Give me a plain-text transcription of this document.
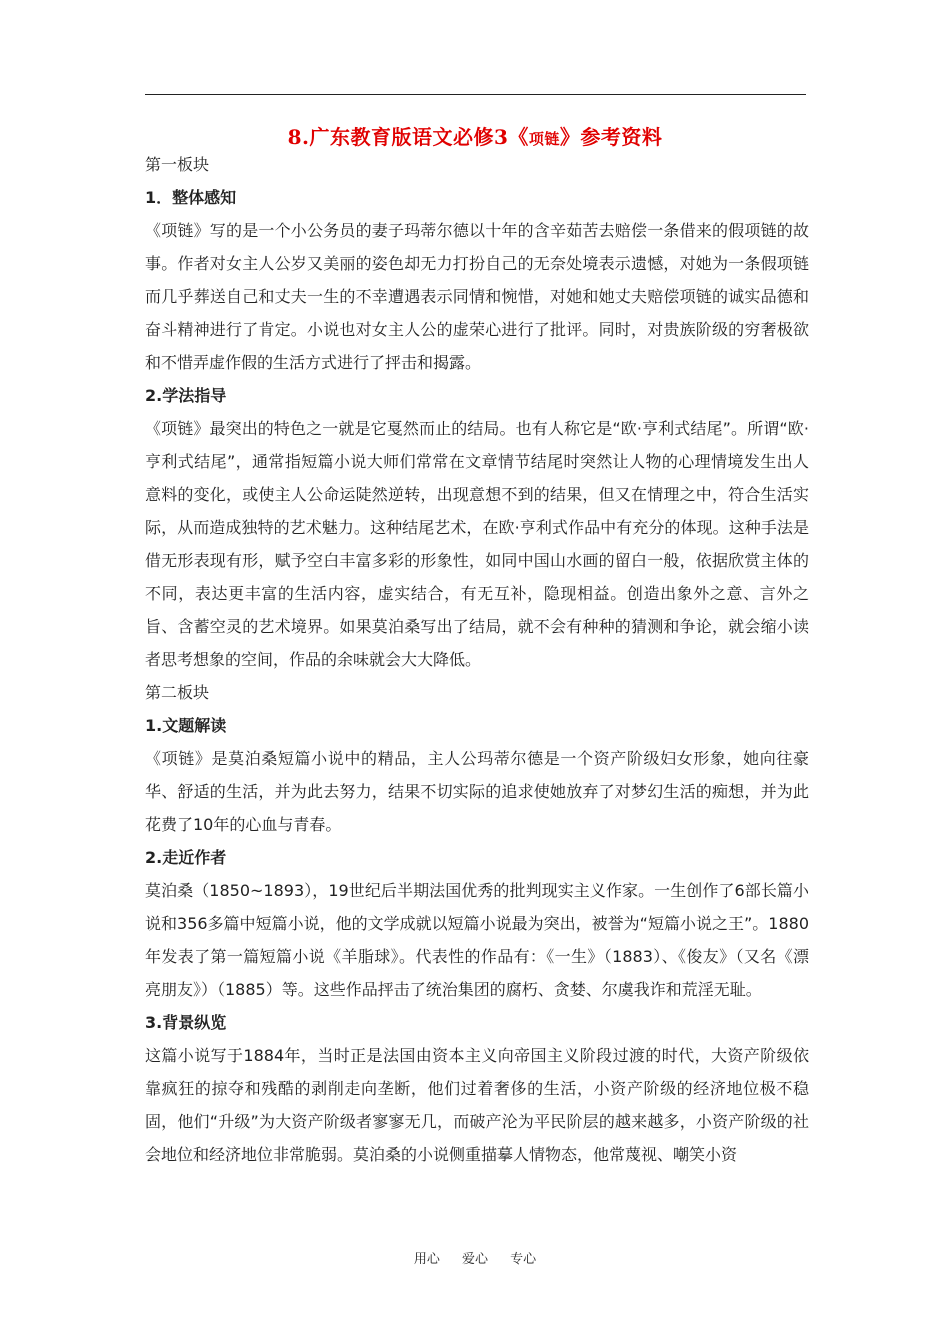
8.广东教育版语文必修3《项链》参考资料

第一板块

1．整体感知

《项链》写的是一个小公务员的妻子玛蒂尔德以十年的含辛茹苦去赔偿一条借来的假项链的故事。作者对女主人公岁又美丽的姿色却无力打扮自己的无奈处境表示遗憾，对她为一条假项链而几乎葬送自己和丈夫一生的不幸遭遇表示同情和惋惜，对她和她丈夫赔偿项链的诚实品德和奋斗精神进行了肯定。小说也对女主人公的虚荣心进行了批评。同时，对贵族阶级的穷奢极欲和不惜弄虚作假的生活方式进行了抨击和揭露。

2.学法指导

《项链》最突出的特色之一就是它戛然而止的结局。也有人称它是“欧·亨利式结尾”。所谓“欧·亨利式结尾”，通常指短篇小说大师们常常在文章情节结尾时突然让人物的心理情境发生出人意料的变化，或使主人公命运陡然逆转，出现意想不到的结果，但又在情理之中，符合生活实际，从而造成独特的艺术魅力。这种结尾艺术，在欧·亨利式作品中有充分的体现。这种手法是借无形表现有形，赋予空白丰富多彩的形象性，如同中国山水画的留白一般，依据欣赏主体的不同，表达更丰富的生活内容，虚实结合，有无互补，隐现相益。创造出象外之意、言外之旨、含蓄空灵的艺术境界。如果莫泊桑写出了结局，就不会有种种的猜测和争论，就会缩小读者思考想象的空间，作品的余味就会大大降低。

第二板块

1.文题解读

《项链》是莫泊桑短篇小说中的精品，主人公玛蒂尔德是一个资产阶级妇女形象，她向往豪华、舒适的生活，并为此去努力，结果不切实际的追求使她放弃了对梦幻生活的痴想，并为此花费了10年的心血与青春。

2.走近作者

莫泊桑（1850~1893），19世纪后半期法国优秀的批判现实主义作家。一生创作了6部长篇小说和356多篇中短篇小说，他的文学成就以短篇小说最为突出，被誉为“短篇小说之王”。1880年发表了第一篇短篇小说《羊脂球》。代表性的作品有：《一生》（1883）、《俊友》（又名《漂亮朋友》）（1885）等。这些作品抨击了统治集团的腐朽、贪婪、尔虞我诈和荒淫无耻。

3.背景纵览

这篇小说写于1884年，当时正是法国由资本主义向帝国主义阶段过渡的时代，大资产阶级依靠疯狂的掠夺和残酷的剥削走向垄断，他们过着奢侈的生活，小资产阶级的经济地位极不稳固，他们“升级”为大资产阶级者寥寥无几，而破产沦为平民阶层的越来越多，小资产阶级的社会地位和经济地位非常脆弱。莫泊桑的小说侧重描摹人情物态，他常蔑视、嘲笑小资

用心 爱心 专心
